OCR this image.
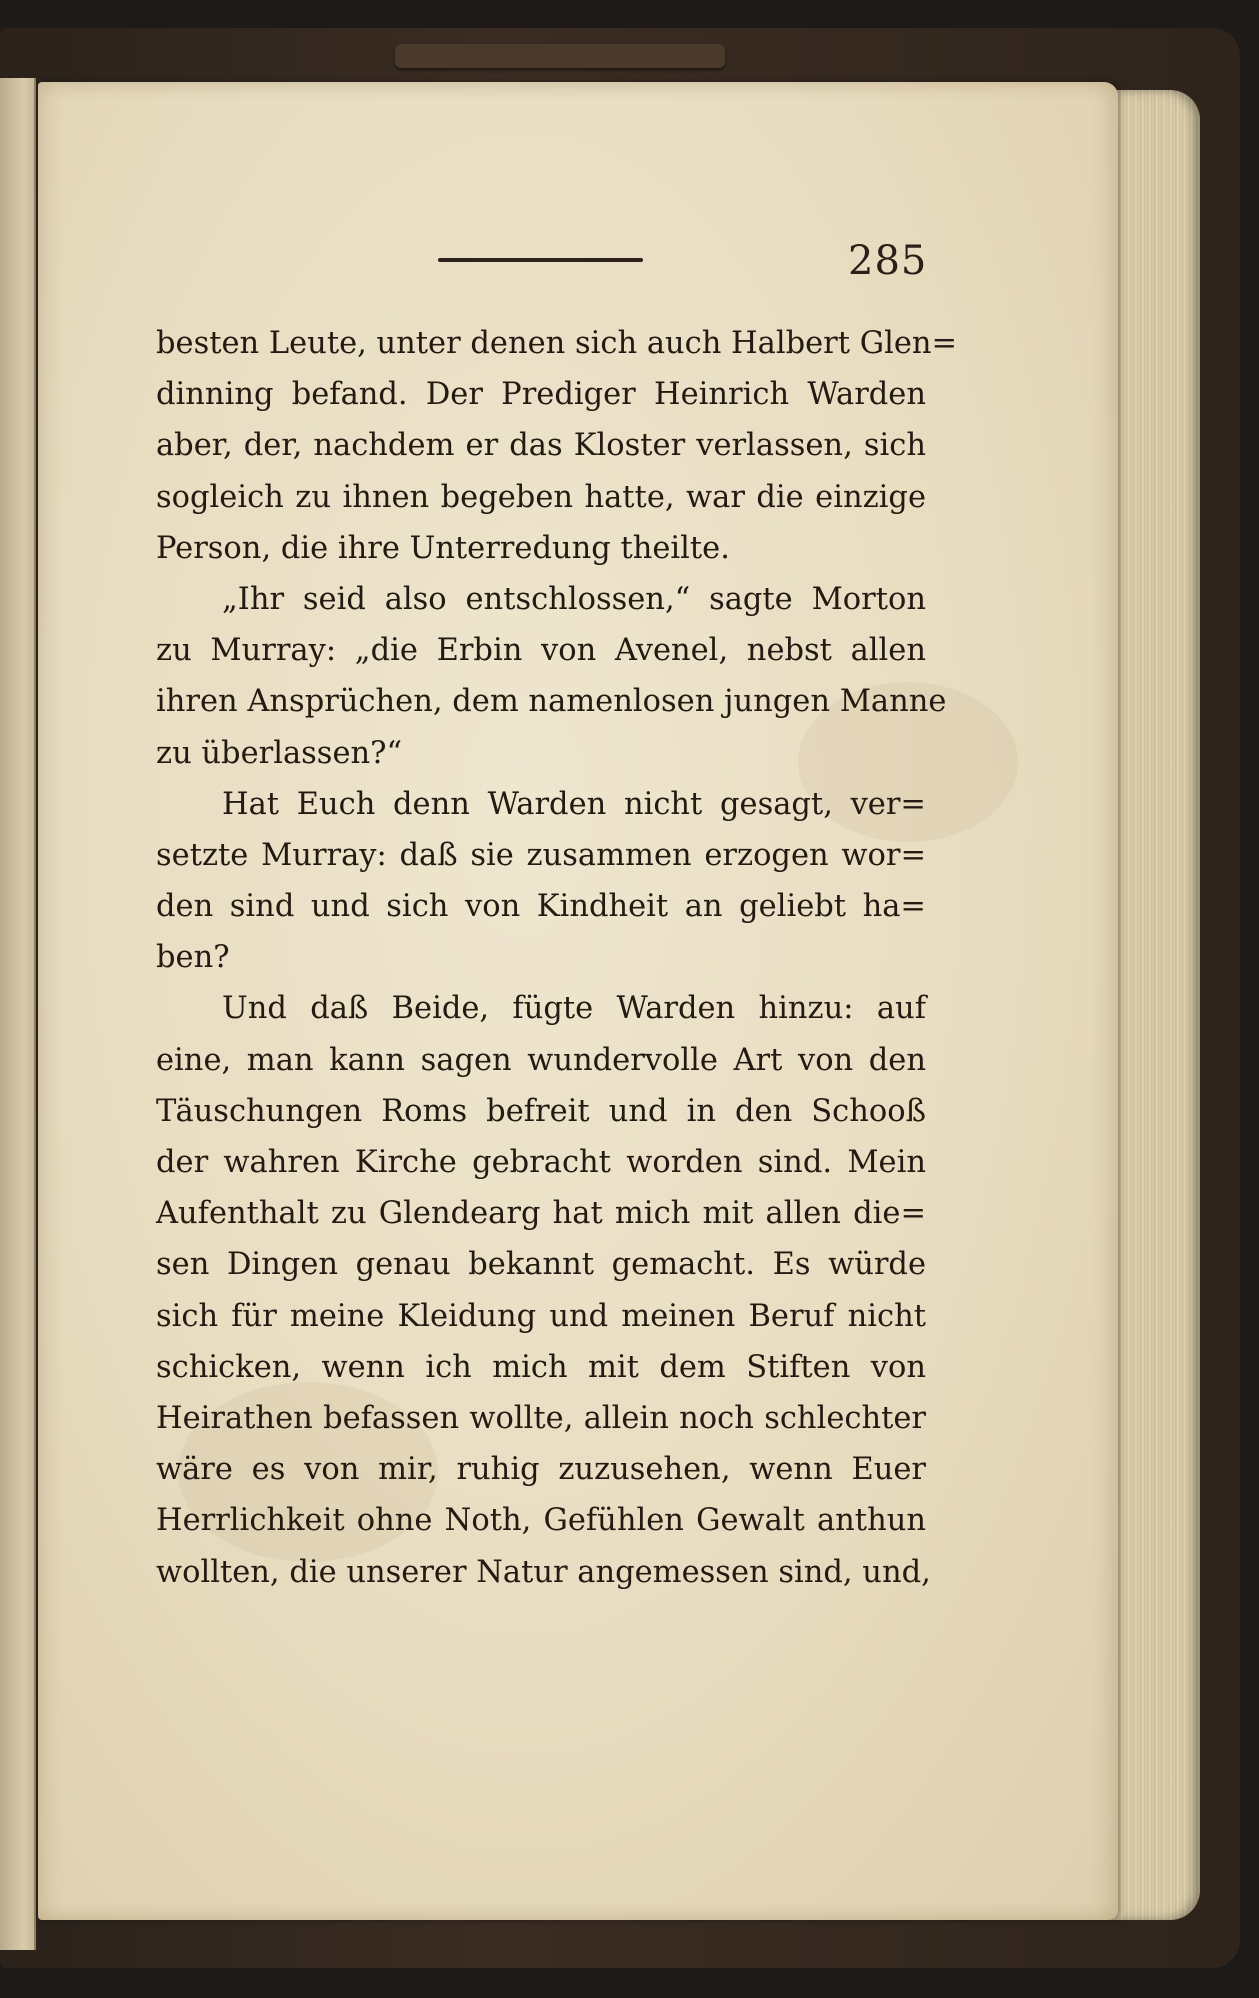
285
besten Leute, unter denen sich auch Halbert Glen=
dinning befand. Der Prediger Heinrich Warden
aber, der, nachdem er das Kloster verlassen, sich
sogleich zu ihnen begeben hatte, war die einzige
Person, die ihre Unterredung theilte.
„Ihr seid also entschlossen,“ sagte Morton
zu Murray: „die Erbin von Avenel, nebst allen
ihren Ansprüchen, dem namenlosen jungen Manne
zu überlassen?“
Hat Euch denn Warden nicht gesagt, ver=
setzte Murray: daß sie zusammen erzogen wor=
den sind und sich von Kindheit an geliebt ha=
ben?
Und daß Beide, fügte Warden hinzu: auf
eine, man kann sagen wundervolle Art von den
Täuschungen Roms befreit und in den Schooß
der wahren Kirche gebracht worden sind. Mein
Aufenthalt zu Glendearg hat mich mit allen die=
sen Dingen genau bekannt gemacht. Es würde
sich für meine Kleidung und meinen Beruf nicht
schicken, wenn ich mich mit dem Stiften von
Heirathen befassen wollte, allein noch schlechter
wäre es von mir, ruhig zuzusehen, wenn Euer
Herrlichkeit ohne Noth, Gefühlen Gewalt anthun
wollten, die unserer Natur angemessen sind, und,
